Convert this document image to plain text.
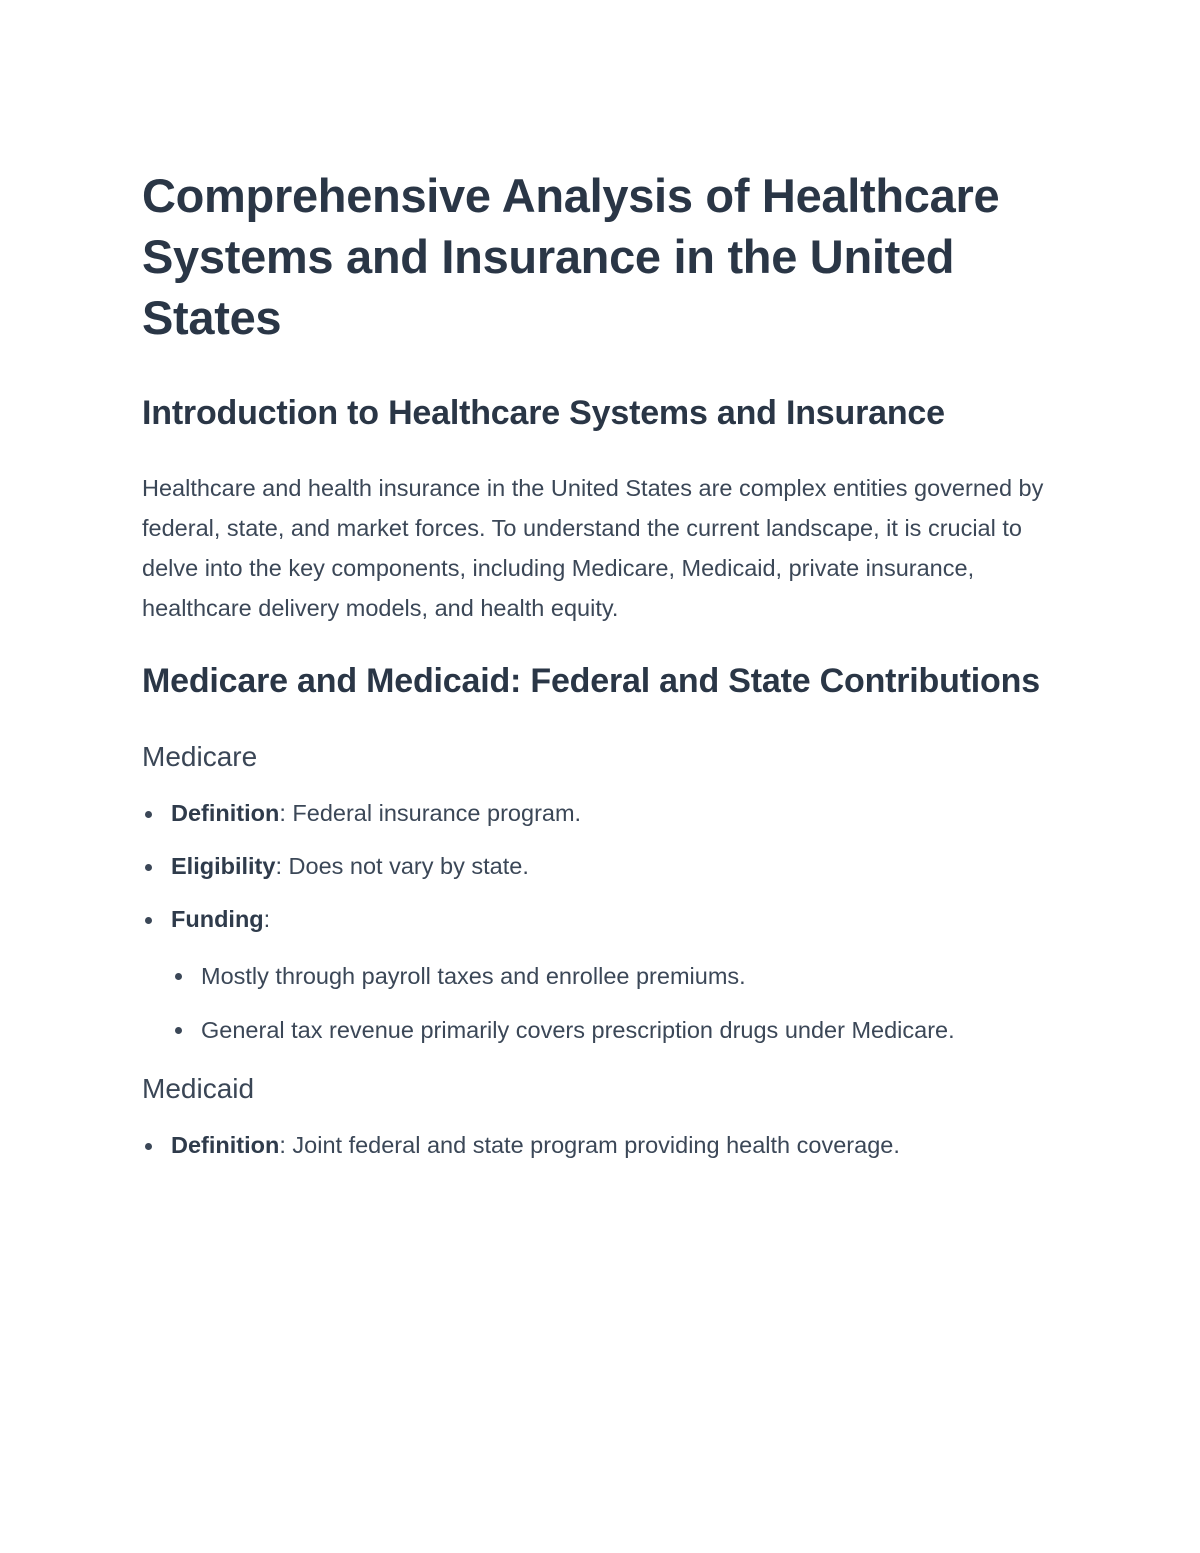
Comprehensive Analysis of Healthcare Systems and Insurance in the United States
Introduction to Healthcare Systems and Insurance

Healthcare and health insurance in the United States are complex entities governed by federal, state, and market forces. To understand the current landscape, it is crucial to delve into the key components, including Medicare, Medicaid, private insurance, healthcare delivery models, and health equity.

Medicare and Medicaid: Federal and State Contributions
Medicare
Definition: Federal insurance program.
Eligibility: Does not vary by state.
Funding:
Mostly through payroll taxes and enrollee premiums.
General tax revenue primarily covers prescription drugs under Medicare.
Medicaid
Definition: Joint federal and state program providing health coverage.
